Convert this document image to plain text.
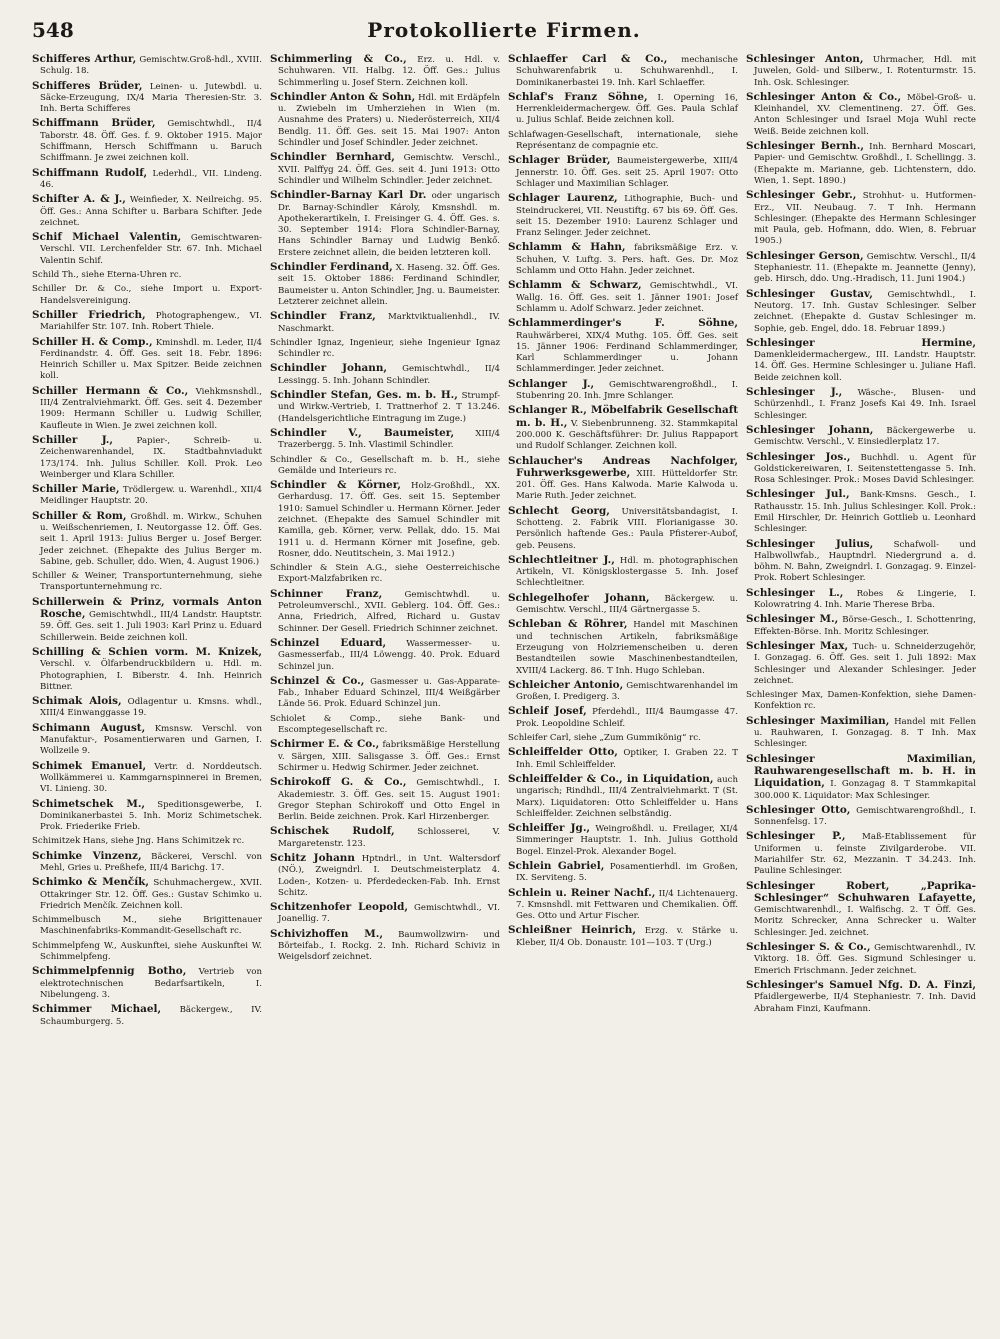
548	Protokollierte Firmen.

Schifferes Arthur, Gemischtw.Groß-hdl., XVIII. Schulg. 18.

Schifferes Brüder, Leinen- u. Jutewbdl. u. Säcke-Erzeugung, IX/4 Maria Theresien-Str. 3. Inh. Berta Schifferes

Schiffmann Brüder, Gemischtwhdl., II/4 Taborstr. 48. Öff. Ges. f. 9. Oktober 1915. Major Schiffmann, Hersch Schiffmann u. Baruch Schiffmann. Je zwei zeichnen koll.

Schiffmann Rudolf, Lederhdl., VII. Lindeng. 46.

Schifter A. & J., Weinfieder, X. Neilreichg. 95. Öff. Ges.: Anna Schifter u. Barbara Schifter. Jede zeichnet.

Schif Michael Valentin, Gemischtwaren-Verschl. VII. Lerchenfelder Str. 67. Inh. Michael Valentin Schif.

Schild Th., siehe Eterna-Uhren rc.

Schiller Dr. & Co., siehe Import u. Export-Handelsvereinigung.

Schiller Friedrich, Photographengew., VI. Mariahilfer Str. 107. Inh. Robert Thiele.

Schiller H. & Comp., Kminshdl. m. Leder, II/4 Ferdinandstr. 4. Öff. Ges. seit 18. Febr. 1896: Heinrich Schiller u. Max Spitzer. Beide zeichnen koll.

Schiller Hermann & Co., Viehkmsnshdl., III/4 Zentralviehmarkt. Öff. Ges. seit 4. Dezember 1909: Hermann Schiller u. Ludwig Schiller, Kaufleute in Wien. Je zwei zeichnen koll.

Schiller J.,	Papier-, Schreib- u. Zeichenwarenhandel, IX. Stadtbahnviadukt 173/174. Inh. Julius Schiller. Koll. Prok. Leo Weinberger und Klara Schiller.

Schiller Marie, Trödlergew. u. Warenhdl., XII/4 Meidlinger Hauptstr. 20.

Schiller & Rom, Großhdl. m. Wirkw., Schuhen u. Weißschenriemen, I. Neutorgasse 12. Öff. Ges. seit 1. April 1913: Julius Berger u. Josef Berger. Jeder zeichnet. (Ehepakte des Julius Berger m. Sabine, geb. Schuller, ddo. Wien, 4. August 1906.)

Schiller & Weiner, Transportunternehmung, siehe Transportunternehmung rc.

Schillerwein & Prinz, vormals Anton Rosche, Gemischtwhdl., III/4 Landstr. Hauptstr. 59. Öff. Ges. seit 1. Juli 1903: Karl Prinz u. Eduard Schillerwein. Beide zeichnen koll.

Schilling & Schien vorm. M. Knizek, Verschl. v. Ölfarbendruckbildern u. Hdl. m. Photographien, I. Biberstr. 4. Inh. Heinrich Bittner.

Schimak Alois, Odlagentur u. Kmsns. whdl., XIII/4 Einwanggasse 19.

Schimann August, Kmsnsw. Verschl. von Manufaktur-, Posamentierwaren und Garnen, I. Wollzeile 9.

Schimek Emanuel, Vertr. d. Norddeutsch. Wollkämmerei u. Kammgarnspinnerei in Bremen, VI. Linieng. 30.

Schimetschek M., Speditionsgewerbe, I. Dominikanerbastei 5. Inh. Moriz Schimetschek. Prok. Friederike Frieb.

Schimitzek Hans, siehe Jng. Hans Schimitzek rc.

Schimke Vinzenz, Bäckerei, Verschl. von Mehl, Gries u. Preßhefe, III/4 Barichg. 17.

Schimko & Menčík, Schuhmachergew., XVII. Ottakringer Str. 12. Öff. Ges.: Gustav Schimko u. Friedrich Menčík. Zeichnen koll.

Schimmelbusch M., siehe Brigittenauer Maschinenfabriks-Kommandit-Gesellschaft rc.

Schimmelpfeng W., Auskunftei, siehe Auskunftei W. Schimmelpfeng.

Schimmelpfennig Botho, Vertrieb von elektrotechnischen Bedarfsartikeln, I. Nibelungeng. 3.

Schimmer Michael, Bäckergew., IV. Schaumburgerg. 5.

Schimmerling & Co., Erz. u. Hdl. v. Schuhwaren. VII. Halbg. 12. Öff. Ges.: Julius Schimmerling u. Josef Stern. Zeichnen koll.

Schindler Anton & Sohn, Hdl. mit Erdäpfeln u. Zwiebeln im Umherziehen in Wien (m. Ausnahme des Praters) u. Niederösterreich, XII/4 Bendlg. 11. Öff. Ges. seit 15. Mai 1907: Anton Schindler und Josef Schindler. Jeder zeichnet.

Schindler Bernhard, Gemischtw. Verschl., XVII. Palffyg 24. Öff. Ges. seit 4. Juni 1913: Otto Schindler und Wilhelm Schindler. Jeder zeichnet.

Schindler-Barnay Karl Dr. oder ungarisch Dr. Barnay-Schindler Károly, Kmsnshdl. m. Apothekerartikeln, I. Freisinger G. 4. Öff. Ges. s. 30. September 1914: Flora Schindler-Barnay, Hans Schindler Barnay und Ludwig Benkő. Erstere zeichnet allein, die beiden letzteren koll.

Schindler Ferdinand, X. Haseng. 32. Öff. Ges. seit 15. Oktober 1886: Ferdinand Schindler, Baumeister u. Anton Schindler, Jng. u. Baumeister. Letzterer zeichnet allein.

Schindler Franz, Marktviktualienhdl., IV. Naschmarkt.

Schindler Ignaz, Ingenieur, siehe Ingenieur Ignaz Schindler rc.

Schindler Johann, Gemischtwhdl., II/4 Lessingg. 5. Inh. Johann Schindler.

Schindler Stefan, Ges. m. b. H., Strumpf- und Wirkw.-Vertrieb, I. Trattnerhof 2. T 13.246. (Handelsgerichtliche Eintragung im Zuge.)

Schindler V., Baumeister, XIII/4 Trazerbergg. 5. Inh. Vlastimil Schindler.

Schindler & Co., Gesellschaft m. b. H., siehe Gemälde und Interieurs rc.

Schindler & Körner, Holz-Großhdl., XX. Gerhardusg. 17. Öff. Ges. seit 15. September 1910: Samuel Schindler u. Hermann Körner. Jeder zeichnet. (Ehepakte des Samuel Schindler mit Kamilla, geb. Körner, verw. Pellak, ddo. 15. Mai 1911 u. d. Hermann Körner mit Josefine, geb. Rosner, ddo. Neutitschein, 3. Mai 1912.)

Schindler & Stein A.G., siehe Oesterreichische Export-Malzfabriken rc.

Schinner Franz,	Gemischtwhdl. u. Petroleumverschl., XVII. Geblerg. 104. Öff. Ges.: Anna, Friedrich, Alfred, Richard u. Gustav Schinner. Der Gesell. Friedrich Schinner zeichnet.

Schinzel Eduard, Wassermesser- u. Gasmesserfab., III/4 Löwengg. 40. Prok. Eduard Schinzel jun.

Schinzel & Co., Gasmesser u. Gas-Apparate-Fab., Inhaber Eduard Schinzel, III/4 Weißgärber Lände 56. Prok. Eduard Schinzel jun.

Schiolet & Comp., siehe Bank- und Escomptegesellschaft rc.

Schirmer E. & Co., fabriksmäßige Herstellung v. Särgen, XIII. Salisgasse 3. Öff. Ges.: Ernst Schirmer u. Hedwig Schirmer. Jeder zeichnet.

Schirokoff G. & Co., Gemischtwhdl., I. Akademiestr. 3. Öff. Ges. seit 15. August 1901: Gregor Stephan Schirokoff und Otto Engel in Berlin. Beide zeichnen. Prok. Karl Hirzenberger.

Schischek Rudolf,	Schlosserei, V. Margaretenstr. 123.

Schitz Johann Hptndrl., in Unt. Waltersdorf (NÖ.), Zweigndrl. I. Deutschmeisterplatz 4. Loden-, Kotzen- u. Pferdedecken-Fab. Inh. Ernst Schitz.

Schitzenhofer Leopold, Gemischtwhdl., VI. Joanellig. 7.

Schivizhoffen M., Baumwollzwirn- und Börteifab., I. Rockg. 2. Inh. Richard Schiviz in Weigelsdorf zeichnet.

Schlaeffer Carl & Co., mechanische Schuhwarenfabrik u. Schuhwarenhdl., I. Dominikanerbastei 19. Inh. Karl Schlaeffer.

Schlaf's Franz Söhne, I. Operning 16, Herrenkleidermachergew. Öff. Ges. Paula Schlaf u. Julius Schlaf. Beide zeichnen koll.

Schlafwagen-Gesellschaft, internationale, siehe Représentanz de compagnie etc.

Schlager Brüder, Baumeistergewerbe, XIII/4 Jennerstr. 10. Öff. Ges. seit 25. April 1907: Otto Schlager und Maximilian Schlager.

Schlager Laurenz, Lithographie, Buch- und Steindruckerei, VII. Neustiftg. 67 bis 69. Öff. Ges. seit 15. Dezember 1910: Laurenz Schlager und Franz Selinger. Jeder zeichnet.

Schlamm & Hahn, fabriksmäßige Erz. v. Schuhen, V. Luftg. 3. Pers. haft. Ges. Dr. Moz Schlamm und Otto Hahn. Jeder zeichnet.

Schlamm & Schwarz, Gemischtwhdl., VI. Wallg. 16. Öff. Ges. seit 1. Jänner 1901: Josef Schlamm u. Adolf Schwarz. Jeder zeichnet.

Schlammerdinger's F. Söhne, Rauhwärberei, XIX/4 Muthg. 105. Öff. Ges. seit 15. Jänner 1906: Ferdinand Schlammerdinger, Karl Schlammerdinger u. Johann Schlammerdinger. Jeder zeichnet.

Schlanger J., Gemischtwarengroßhdl., I. Stubenring 20. Inh. Jmre Schlanger.

Schlanger R., Möbelfabrik Gesellschaft m. b. H., V. Siebenbrunneng. 32. Stammkapital 200.000 K. Geschäftsführer: Dr. Julius Rappaport und Rudolf Schlanger. Zeichnen koll.

Schlaucher's Andreas Nachfolger, Fuhrwerksgewerbe, XIII. Hütteldorfer Str. 201. Öff. Ges. Hans Kalwoda. Marie Kalwoda u. Marie Ruth. Jeder zeichnet.

Schlecht Georg, Universitätsbandagist, I. Schotteng. 2. Fabrik VIII. Florianigasse 30. Persönlich haftende Ges.: Paula Pfisterer-Aubof, geb. Peusens.

Schlechtleitner J., Hdl. m. photographischen Artikeln, VI. Königsklostergasse 5. Inh. Josef Schlechtleitner.

Schlegelhofer Johann, Bäckergew. u. Gemischtw. Verschl., III/4 Gärtnergasse 5.

Schleban & Röhrer, Handel mit Maschinen und technischen Artikeln, fabriksmäßige Erzeugung von Holzriemenscheiben u. deren Bestandteilen sowie Maschinenbestandteilen, XVIII/4 Lackerg. 86. T Inh. Hugo Schleban.

Schleicher Antonio, Gemischtwarenhandel im Großen, I. Predigerg. 3.

Schleif Josef, Pferdehdl., III/4 Baumgasse 47. Prok. Leopoldine Schleif.

Schleifer Carl, siehe „Zum Gummikönig“ rc.

Schleiffelder Otto, Optiker, I. Graben 22. T Inh. Emil Schleiffelder.

Schleiffelder & Co., in Liquidation, auch ungarisch; Rindhdl., III/4 Zentralviehmarkt. T (St. Marx). Liquidatoren: Otto Schleiffelder u. Hans Schleiffelder. Zeichnen selbständig.

Schleiffer Jg., Weingroßhdl. u. Freilager, XI/4 Simmeringer Hauptstr. 1. Inh. Julius Gotthold Bogel. Einzel-Prok. Alexander Bogel.

Schlein Gabriel, Posamentierhdl. im Großen, IX. Serviteng. 5.

Schlein u. Reiner Nachf., II/4 Lichtenauerg. 7. Kmsnshdl. mit Fettwaren und Chemikalien. Öff. Ges. Otto und Artur Fischer.

Schleißner Heinrich, Erzg. v. Stärke u. Kleber, II/4 Ob. Donaustr. 101—103. T (Urg.)

Schlesinger Anton, Uhrmacher, Hdl. mit Juwelen, Gold- und Silberw., I. Rotenturmstr. 15. Inh. Osk. Schlesinger.

Schlesinger Anton & Co., Möbel-Groß- u. Kleinhandel, XV. Clementineng. 27. Öff. Ges. Anton Schlesinger und Israel Moja Wuhl recte Weiß. Beide zeichnen koll.

Schlesinger Bernh., Inh. Bernhard Moscari, Papier- und Gemischtw. Großhdl., I. Schellingg. 3. (Ehepakte m. Marianne, geb. Lichtenstern, ddo. Wien, 1. Sept. 1890.)

Schlesinger Gebr., Strohhut- u. Hutformen-Erz., VII. Neubaug. 7. T Inh. Hermann Schlesinger. (Ehepakte des Hermann Schlesinger mit Paula, geb. Hofmann, ddo. Wien, 8. Februar 1905.)

Schlesinger Gerson, Gemischtw. Verschl., II/4 Stephaniestr. 11. (Ehepakte m. Jeannette (Jenny), geb. Hirsch, ddo. Ung.-Hradisch, 11. Juni 1904.)

Schlesinger Gustav, Gemischtwhdl., I. Neutorg. 17. Inh. Gustav Schlesinger. Selber zeichnet. (Ehepakte d. Gustav Schlesinger m. Sophie, geb. Engel, ddo. 18. Februar 1899.)

Schlesinger Hermine, Damenkleidermachergew., III. Landstr. Hauptstr. 14. Öff. Ges. Hermine Schlesinger u. Juliane Hafl. Beide zeichnen koll.

Schlesinger J., Wäsche-, Blusen- und Schürzenhdl., I. Franz Josefs Kai 49. Inh. Israel Schlesinger.

Schlesinger Johann, Bäckergewerbe u. Gemischtw. Verschl., V. Einsiedlerplatz 17.

Schlesinger Jos., Buchhdl. u. Agent für Goldstickereiwaren, I. Seitenstettengasse 5. Inh. Rosa Schlesinger. Prok.: Moses David Schlesinger.

Schlesinger Jul., Bank-Kmsns. Gesch., I. Rathausstr. 15. Inh. Julius Schlesinger. Koll. Prok.: Emil Hirschler, Dr. Heinrich Gottlieb u. Leonhard Schlesinger.

Schlesinger Julius, Schafwoll- und Halbwollwfab., Hauptndrl. Niedergrund a. d. böhm. N. Bahn, Zweigndrl. I. Gonzagag. 9. Einzel-Prok. Robert Schlesinger.

Schlesinger L., Robes & Lingerie, I. Kolowratring 4. Inh. Marie Therese Brba.

Schlesinger M., Börse-Gesch., I. Schottenring, Effekten-Börse. Inh. Moritz Schlesinger.

Schlesinger Max, Tuch- u. Schneiderzugehör, I. Gonzagag. 6. Öff. Ges. seit 1. Juli 1892: Max Schlesinger und Alexander Schlesinger. Jeder zeichnet.

Schlesinger Max, Damen-Konfektion, siehe Damen-Konfektion rc.

Schlesinger Maximilian, Handel mit Fellen u. Rauhwaren, I. Gonzagag. 8. T Inh. Max Schlesinger.

Schlesinger Maximilian, Rauhwarengesellschaft m. b. H. in Liquidation, I. Gonzagag 8. T Stammkapital 300.000 K. Liquidator: Max Schlesinger.

Schlesinger Otto, Gemischtwarengroßhdl., I. Sonnenfelsg. 17.

Schlesinger P., Maß-Etablissement für Uniformen u. feinste Zivilgarderobe. VII. Mariahilfer Str. 62, Mezzanin. T 34.243. Inh. Pauline Schlesinger.

Schlesinger Robert, „Paprika-Schlesinger“ Schuhwaren Lafayette, Gemischtwarenhdl., I. Walfischg. 2. T Öff. Ges. Moritz Schrecker, Anna Schrecker u. Walter Schlesinger. Jed. zeichnet.

Schlesinger S. & Co., Gemischtwarenhdl., IV. Viktorg. 18. Öff. Ges. Sigmund Schlesinger u. Emerich Frischmann. Jeder zeichnet.

Schlesinger's Samuel Nfg. D. A. Finzi, Pfaidlergewerbe, II/4 Stephaniestr. 7. Inh. David Abraham Finzi, Kaufmann.
